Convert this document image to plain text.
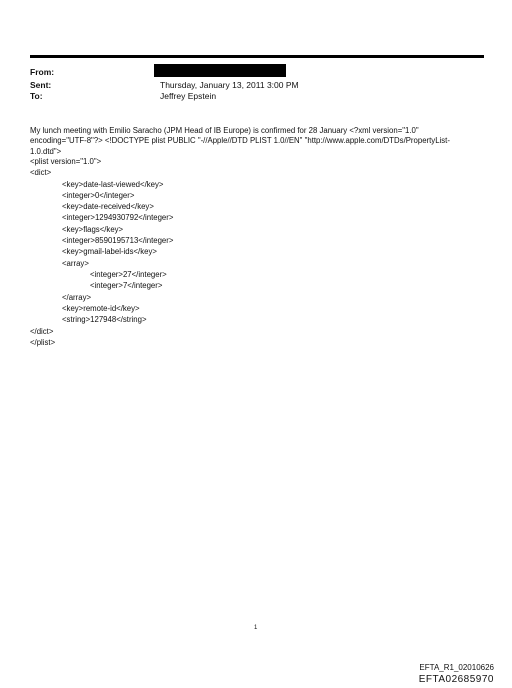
From:
Sent:	Thursday, January 13, 2011 3:00 PM
To:	Jeffrey Epstein
My lunch meeting with Emilio Saracho (JPM Head of IB Europe) is confirmed for 28 January <?xml version="1.0" encoding="UTF-8"?> <!DOCTYPE plist PUBLIC "-//Apple//DTD PLIST 1.0//EN" "http://www.apple.com/DTDs/PropertyList-1.0.dtd">
<plist version="1.0">
<dict>
<key>date-last-viewed</key>
<integer>0</integer>
<key>date-received</key>
<integer>1294930792</integer>
<key>flags</key>
<integer>8590195713</integer>
<key>gmail-label-ids</key>
<array>
<integer>27</integer>
<integer>7</integer>
</array>
<key>remote-id</key>
<string>127948</string>
</dict>
</plist>
1
EFTA_R1_02010626
EFTA02685970
